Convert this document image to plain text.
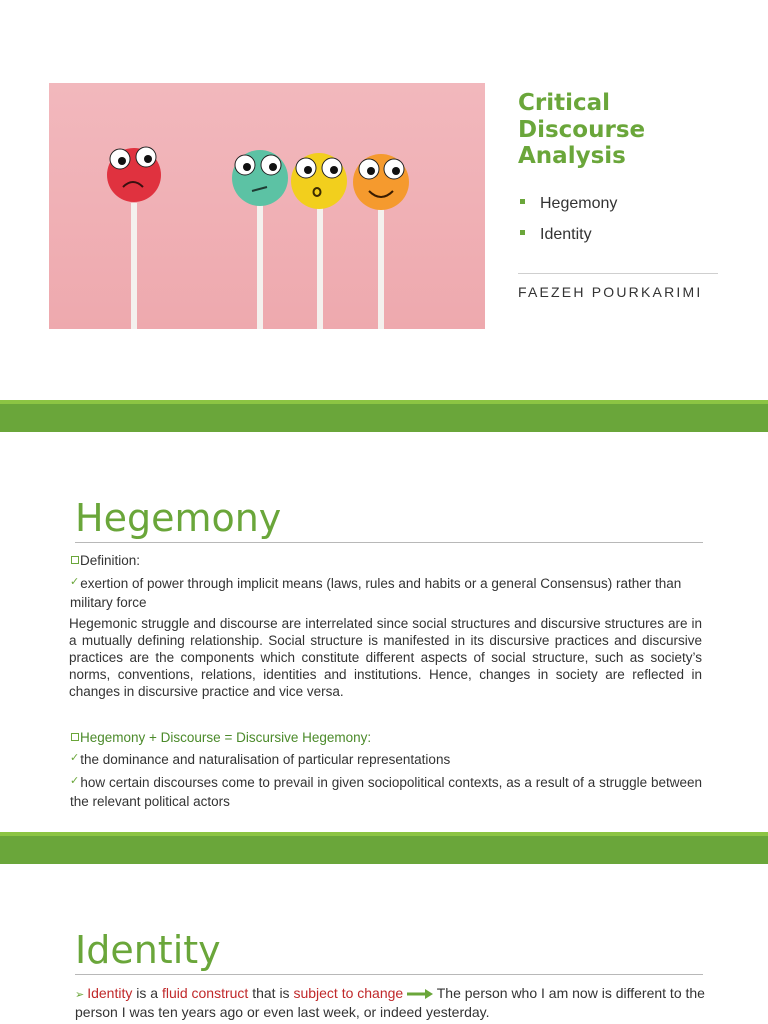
Critical
Discourse
Analysis
Hegemony
Identity
FAEZEH POURKARIMI
Hegemony
Definition:
✓exertion of power through implicit means (laws, rules and habits or a general Consensus) rather than military force
Hegemonic struggle and discourse are interrelated since social structures and discursive structures are in a mutually defining relationship. Social structure is manifested in its discursive practices and discursive practices are the components which constitute different aspects of social structure, such as society’s norms, conventions, relations, identities and institutions. Hence, changes in society are reflected in changes in discursive practice and vice versa.
Hegemony + Discourse = Discursive Hegemony:
✓the dominance and naturalisation of particular representations
✓how certain discourses come to prevail in given sociopolitical contexts, as a result of a struggle between the relevant political actors
Identity
➢ Identity is a fluid construct that is subject to change  The person who I am now is different to the person I was ten years ago or even last week, or indeed yesterday.
